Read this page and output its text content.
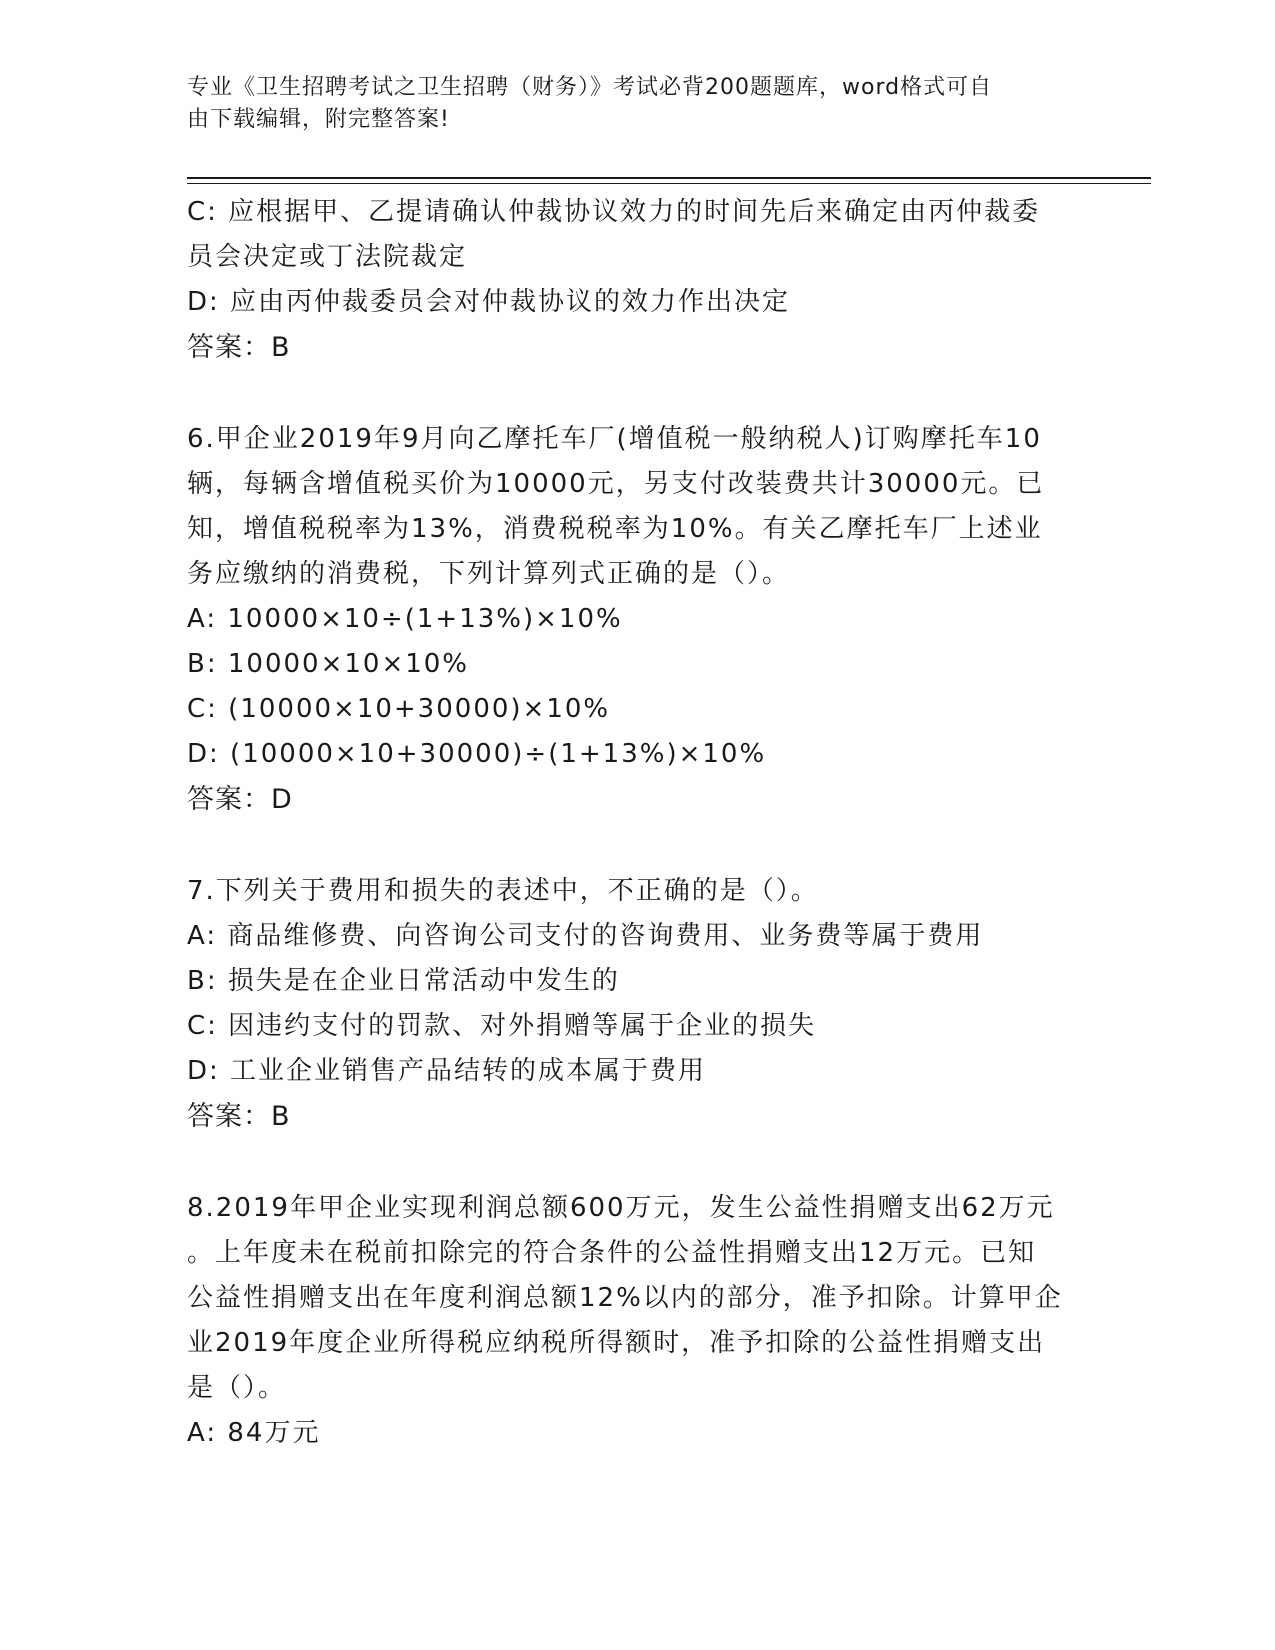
专业《卫生招聘考试之卫生招聘（财务）》考试必背200题题库，word格式可自
由下载编辑，附完整答案!
C: 应根据甲、乙提请确认仲裁协议效力的时间先后来确定由丙仲裁委
员会决定或丁法院裁定
D: 应由丙仲裁委员会对仲裁协议的效力作出决定
答案：B
6.甲企业2019年9月向乙摩托车厂(增值税一般纳税人)订购摩托车10
辆，每辆含增值税买价为10000元，另支付改装费共计30000元。已
知，增值税税率为13%，消费税税率为10%。有关乙摩托车厂上述业
务应缴纳的消费税，下列计算列式正确的是（）。
A: 10000×10÷(1+13%)×10%
B: 10000×10×10%
C: (10000×10+30000)×10%
D: (10000×10+30000)÷(1+13%)×10%
答案：D
7.下列关于费用和损失的表述中，不正确的是（）。
A: 商品维修费、向咨询公司支付的咨询费用、业务费等属于费用
B: 损失是在企业日常活动中发生的
C: 因违约支付的罚款、对外捐赠等属于企业的损失
D: 工业企业销售产品结转的成本属于费用
答案：B
8.2019年甲企业实现利润总额600万元，发生公益性捐赠支出62万元
。上年度未在税前扣除完的符合条件的公益性捐赠支出12万元。已知
公益性捐赠支出在年度利润总额12%以内的部分，准予扣除。计算甲企
业2019年度企业所得税应纳税所得额时，准予扣除的公益性捐赠支出
是（）。
A: 84万元
